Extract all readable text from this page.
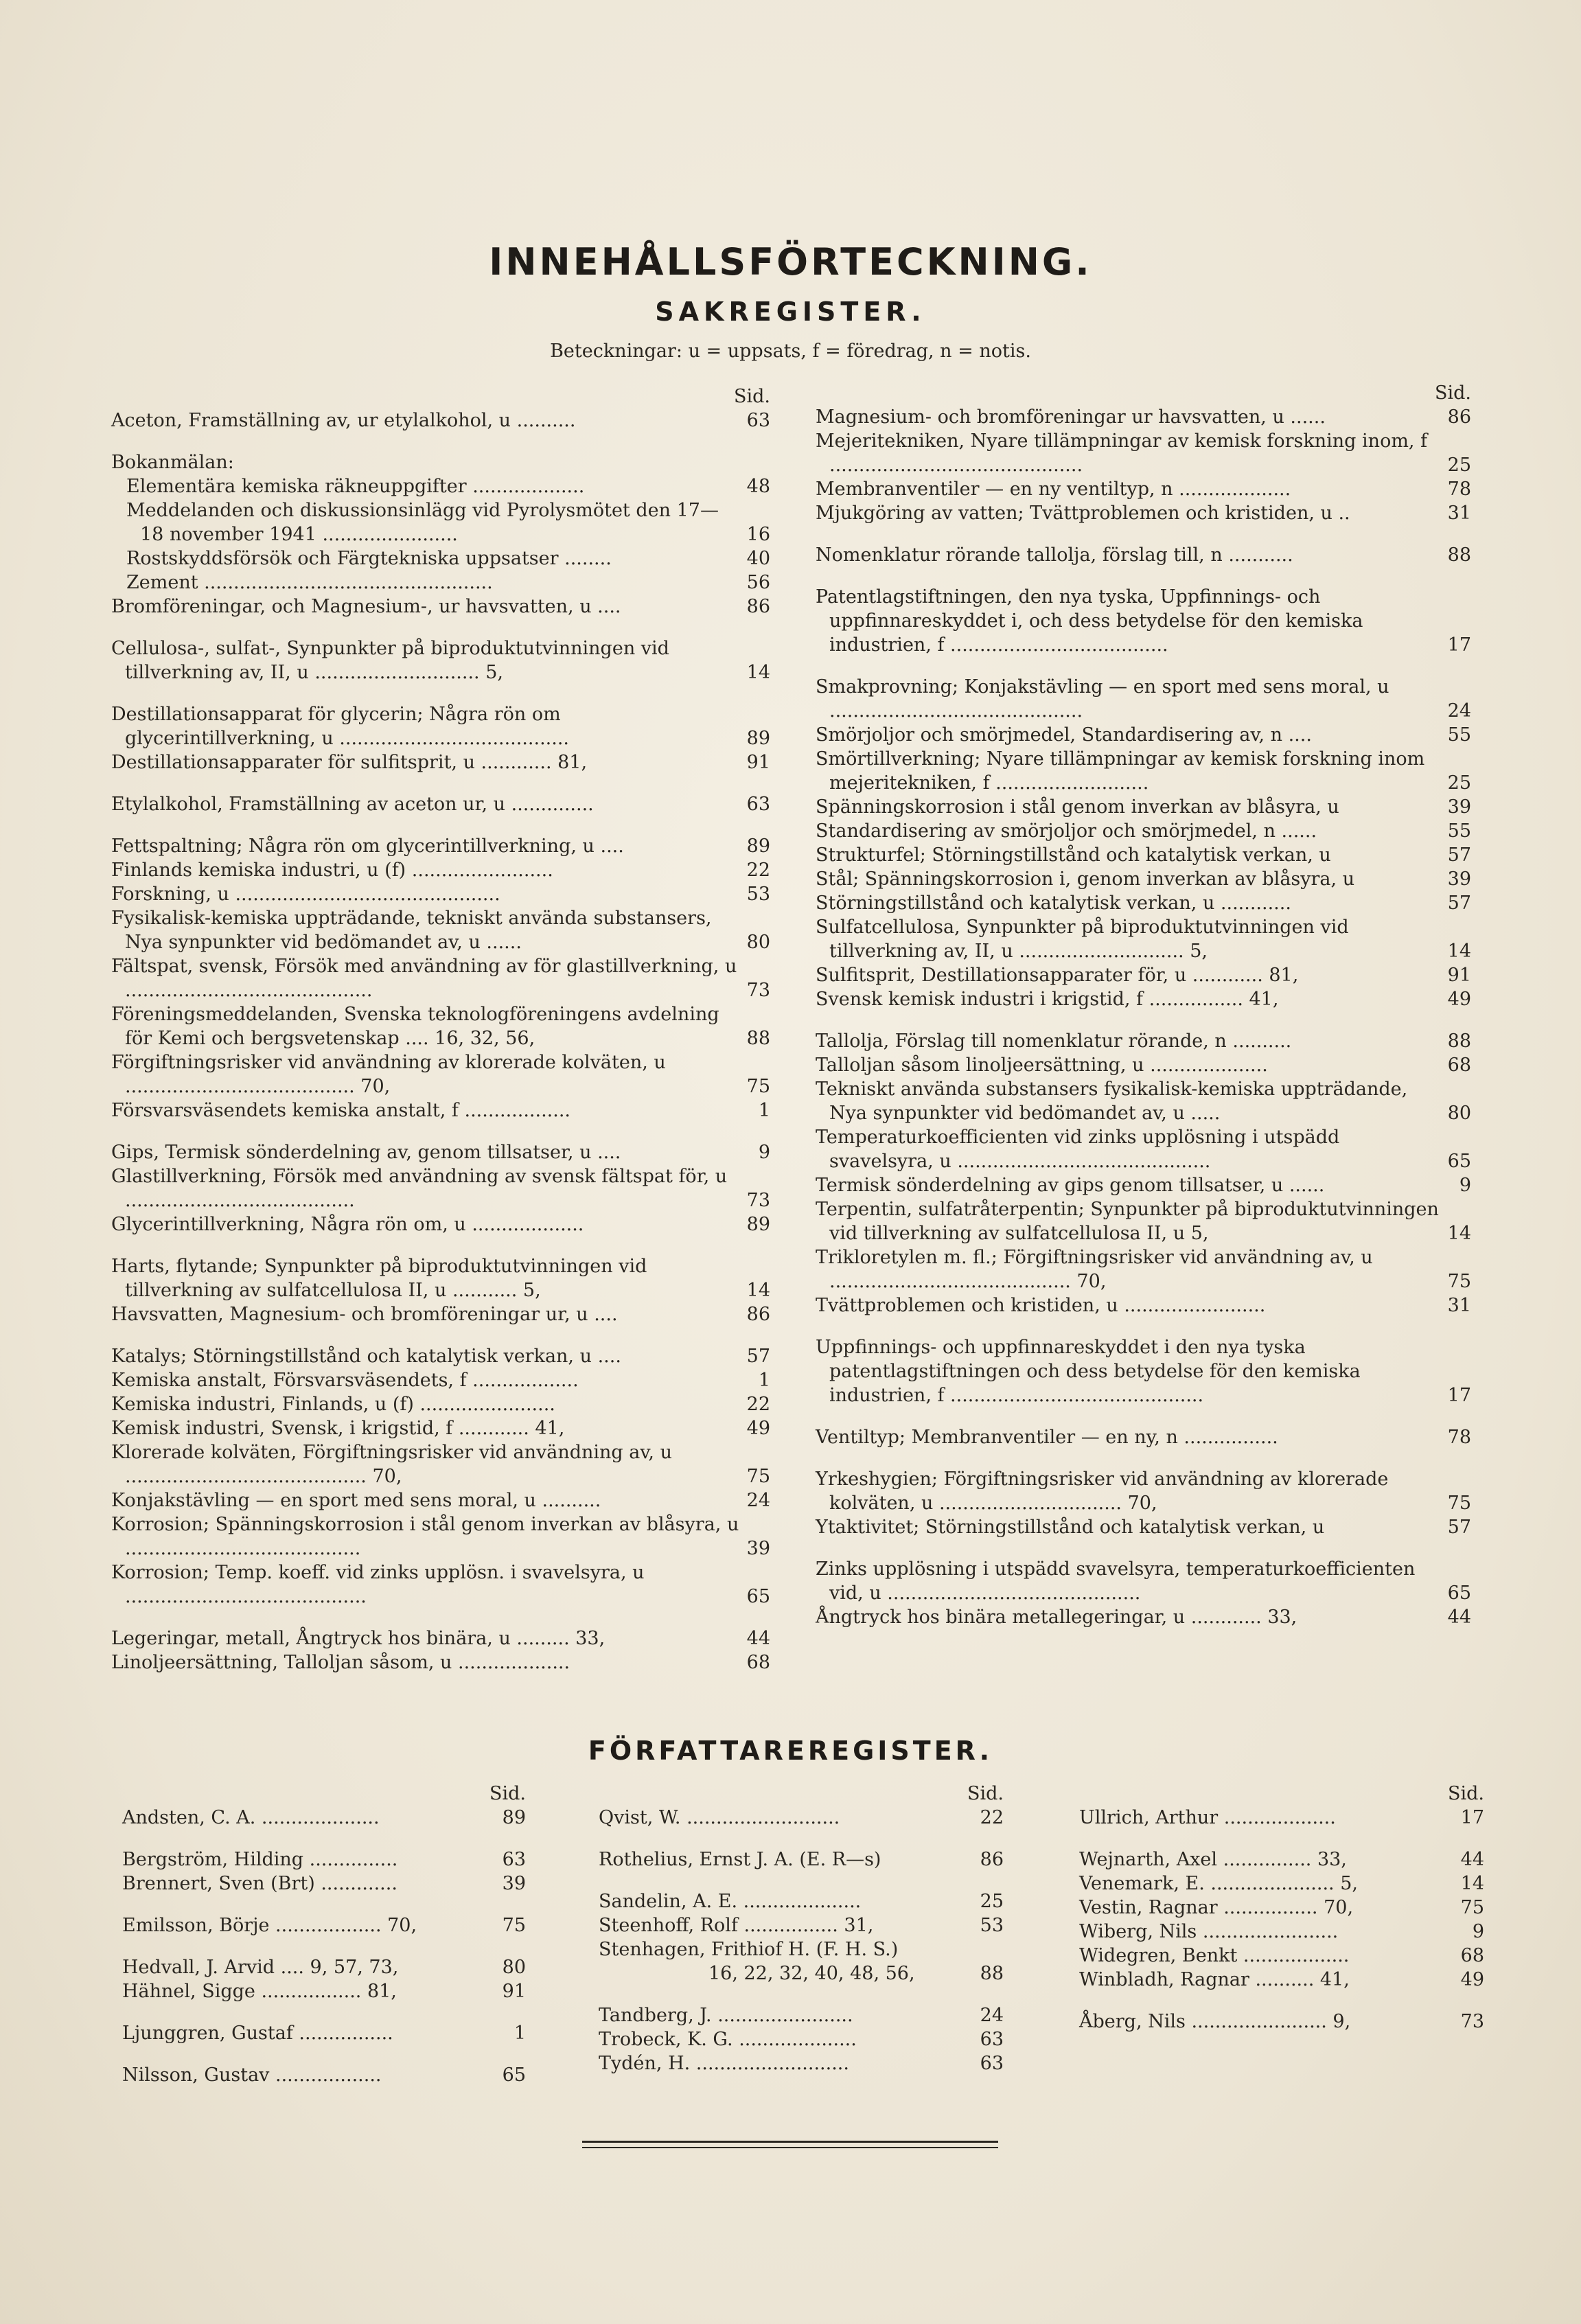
INNEHÅLLSFÖRTECKNING.
SAKREGISTER.
Beteckningar: u = uppsats, f = föredrag, n = notis.
Sid.
Aceton, Framställning av, ur etylalkohol, u ..........	63
Bokanmälan:
Elementära kemiska räkneuppgifter ...................	48
Meddelanden och diskussionsinlägg vid Pyrolysmötet den 17—18 november 1941 .......................	16
Rostskyddsförsök och Färgtekniska uppsatser ........	40
Zement .................................................	56
Bromföreningar, och Magnesium-, ur havsvatten, u ....	86
Cellulosa-, sulfat-, Synpunkter på biproduktutvinningen vid tillverkning av, II, u ............................ 5,	14
Destillationsapparat för glycerin; Några rön om glycerintillverkning, u .......................................	89
Destillationsapparater för sulfitsprit, u ............ 81,	91
Etylalkohol, Framställning av aceton ur, u ..............	63
Fettspaltning; Några rön om glycerintillverkning, u ....	89
Finlands kemiska industri, u (f) ........................	22
Forskning, u .............................................	53
Fysikalisk-kemiska uppträdande, tekniskt använda substansers, Nya synpunkter vid bedömandet av, u ......	80
Fältspat, svensk, Försök med användning av för glastillverkning, u ..........................................	73
Föreningsmeddelanden, Svenska teknologföreningens avdelning för Kemi och bergsvetenskap .... 16, 32, 56,	88
Förgiftningsrisker vid användning av klorerade kolväten, u ....................................... 70,	75
Försvarsväsendets kemiska anstalt, f ..................	1
Gips, Termisk sönderdelning av, genom tillsatser, u ....	9
Glastillverkning, Försök med användning av svensk fältspat för, u .......................................	73
Glycerintillverkning, Några rön om, u ...................	89
Harts, flytande; Synpunkter på biproduktutvinningen vid tillverkning av sulfatcellulosa II, u ........... 5,	14
Havsvatten, Magnesium- och bromföreningar ur, u ....	86
Katalys; Störningstillstånd och katalytisk verkan, u ....	57
Kemiska anstalt, Försvarsväsendets, f ..................	1
Kemiska industri, Finlands, u (f) .......................	22
Kemisk industri, Svensk, i krigstid, f ............ 41,	49
Klorerade kolväten, Förgiftningsrisker vid användning av, u ......................................... 70,	75
Konjakstävling — en sport med sens moral, u ..........	24
Korrosion; Spänningskorrosion i stål genom inverkan av blåsyra, u ........................................	39
Korrosion; Temp. koeff. vid zinks upplösn. i svavelsyra, u .........................................	65
Legeringar, metall, Ångtryck hos binära, u ......... 33,	44
Linoljeersättning, Talloljan såsom, u ...................	68
Sid.
Magnesium- och bromföreningar ur havsvatten, u ......	86
Mejeritekniken, Nyare tillämpningar av kemisk forskning inom, f ...........................................	25
Membranventiler — en ny ventiltyp, n ...................	78
Mjukgöring av vatten; Tvättproblemen och kristiden, u ..	31
Nomenklatur rörande tallolja, förslag till, n ...........	88
Patentlagstiftningen, den nya tyska, Uppfinnings- och uppfinnareskyddet i, och dess betydelse för den kemiska industrien, f .....................................	17
Smakprovning; Konjakstävling — en sport med sens moral, u ...........................................	24
Smörjoljor och smörjmedel, Standardisering av, n ....	55
Smörtillverkning; Nyare tillämpningar av kemisk forskning inom mejeritekniken, f ..........................	25
Spänningskorrosion i stål genom inverkan av blåsyra, u	39
Standardisering av smörjoljor och smörjmedel, n ......	55
Strukturfel; Störningstillstånd och katalytisk verkan, u	57
Stål; Spänningskorrosion i, genom inverkan av blåsyra, u	39
Störningstillstånd och katalytisk verkan, u ............	57
Sulfatcellulosa, Synpunkter på biproduktutvinningen vid tillverkning av, II, u ............................ 5,	14
Sulfitsprit, Destillationsapparater för, u ............ 81,	91
Svensk kemisk industri i krigstid, f ................ 41,	49
Tallolja, Förslag till nomenklatur rörande, n ..........	88
Talloljan såsom linoljeersättning, u ....................	68
Tekniskt använda substansers fysikalisk-kemiska uppträdande, Nya synpunkter vid bedömandet av, u .....	80
Temperaturkoefficienten vid zinks upplösning i utspädd svavelsyra, u ...........................................	65
Termisk sönderdelning av gips genom tillsatser, u ......	9
Terpentin, sulfatråterpentin; Synpunkter på biproduktutvinningen vid tillverkning av sulfatcellulosa II, u 5,	14
Trikloretylen m. fl.; Förgiftningsrisker vid användning av, u ......................................... 70,	75
Tvättproblemen och kristiden, u ........................	31
Uppfinnings- och uppfinnareskyddet i den nya tyska patentlagstiftningen och dess betydelse för den kemiska industrien, f ...........................................	17
Ventiltyp; Membranventiler — en ny, n ................	78
Yrkeshygien; Förgiftningsrisker vid användning av klorerade kolväten, u ............................... 70,	75
Ytaktivitet; Störningstillstånd och katalytisk verkan, u	57
Zinks upplösning i utspädd svavelsyra, temperaturkoefficienten vid, u ...........................................	65
Ångtryck hos binära metallegeringar, u ............ 33,	44
FÖRFATTAREREGISTER.
Sid.
Andsten, C. A. ....................	89
Bergström, Hilding ...............	63
Brennert, Sven (Brt) .............	39
Emilsson, Börje .................. 70,	75
Hedvall, J. Arvid .... 9, 57, 73,	80
Hähnel, Sigge ................. 81,	91
Ljunggren, Gustaf ................	1
Nilsson, Gustav ..................	65
Sid.
Qvist, W. ..........................	22
Rothelius, Ernst J. A. (E. R—s)	86
Sandelin, A. E. ....................	25
Steenhoff, Rolf ................ 31,	53
Stenhagen, Frithiof H. (F. H. S.)
16, 22, 32, 40, 48, 56,	88
Tandberg, J. .......................	24
Trobeck, K. G. ....................	63
Tydén, H. ..........................	63
Sid.
Ullrich, Arthur ...................	17
Wejnarth, Axel ............... 33,	44
Venemark, E. ..................... 5,	14
Vestin, Ragnar ................ 70,	75
Wiberg, Nils .......................	9
Widegren, Benkt ..................	68
Winbladh, Ragnar .......... 41,	49
Åberg, Nils ....................... 9,	73
